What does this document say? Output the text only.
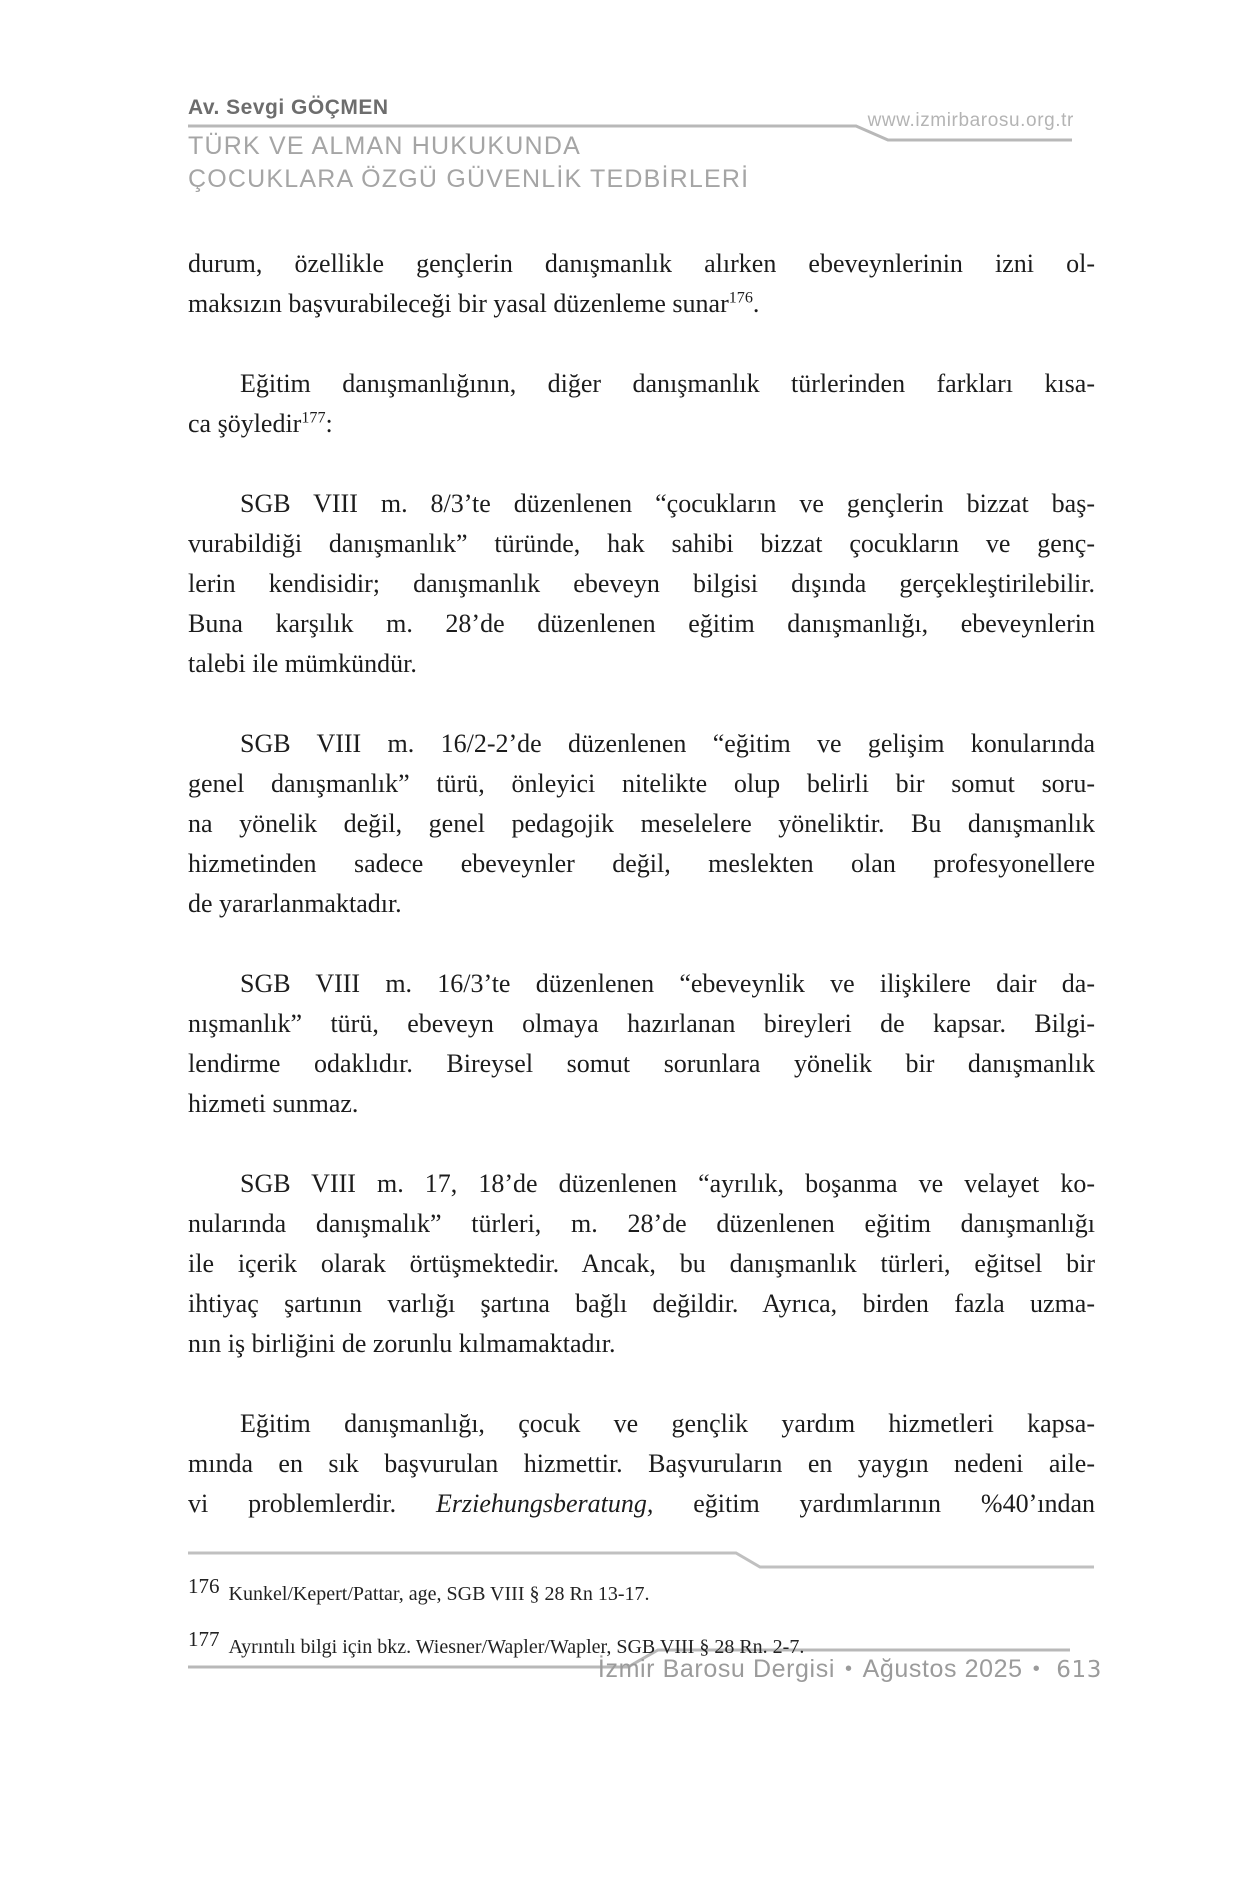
Av. Sevgi GÖÇMEN
www.izmirbarosu.org.tr
TÜRK VE ALMAN HUKUKUNDA
ÇOCUKLARA ÖZGÜ GÜVENLİK TEDBİRLERİ
durum, özellikle gençlerin danışmanlık alırken ebeveynlerinin izni ol-
maksızın başvurabileceği bir yasal düzenleme sunar$^{176}$.
Eğitim danışmanlığının, diğer danışmanlık türlerinden farkları kısa-
ca şöyledir$^{177}$:
SGB VIII m. 8/3’te düzenlenen “çocukların ve gençlerin bizzat baş-
vurabildiği danışmanlık” türünde, hak sahibi bizzat çocukların ve genç-
lerin kendisidir; danışmanlık ebeveyn bilgisi dışında gerçekleştirilebilir.
Buna karşılık m. 28’de düzenlenen eğitim danışmanlığı, ebeveynlerin
talebi ile mümkündür.
SGB VIII m. 16/2-2’de düzenlenen “eğitim ve gelişim konularında
genel danışmanlık” türü, önleyici nitelikte olup belirli bir somut soru-
na yönelik değil, genel pedagojik meselelere yöneliktir. Bu danışmanlık
hizmetinden sadece ebeveynler değil, meslekten olan profesyonellere
de yararlanmaktadır.
SGB VIII m. 16/3’te düzenlenen “ebeveynlik ve ilişkilere dair da-
nışmanlık” türü, ebeveyn olmaya hazırlanan bireyleri de kapsar. Bilgi-
lendirme odaklıdır. Bireysel somut sorunlara yönelik bir danışmanlık
hizmeti sunmaz.
SGB VIII m. 17, 18’de düzenlenen “ayrılık, boşanma ve velayet ko-
nularında danışmalık” türleri, m. 28’de düzenlenen eğitim danışmanlığı
ile içerik olarak örtüşmektedir. Ancak, bu danışmanlık türleri, eğitsel bir
ihtiyaç şartının varlığı şartına bağlı değildir. Ayrıca, birden fazla uzma-
nın iş birliğini de zorunlu kılmamaktadır.
Eğitim danışmanlığı, çocuk ve gençlik yardım hizmetleri kapsa-
mında en sık başvurulan hizmettir. Başvuruların en yaygın nedeni aile-
vi problemlerdir. Erziehungsberatung, eğitim yardımlarının %40’ından
176 Kunkel/Kepert/Pattar, age, SGB VIII § 28 Rn 13-17.
177 Ayrıntılı bilgi için bkz. Wiesner/Wapler/Wapler, SGB VIII § 28 Rn. 2-7.
İzmir Barosu Dergisi • Ağustos 2025 • 613
